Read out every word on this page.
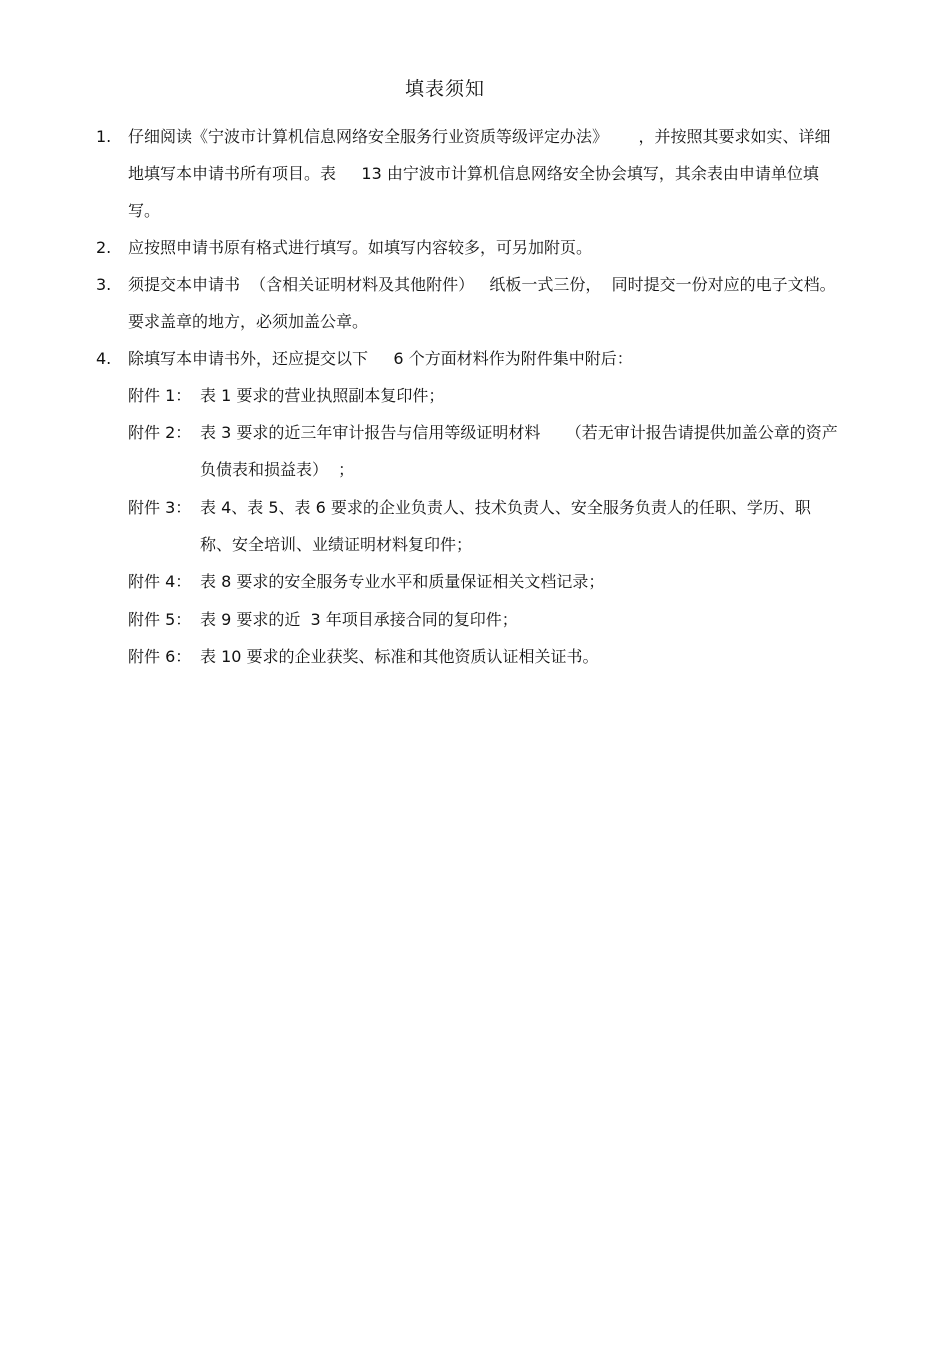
填表须知
1.	仔细阅读《宁波市计算机信息网络安全服务行业资质等级评定办法》      ，并按照其要求如实、详细地填写本申请书所有项目。表     13 由宁波市计算机信息网络安全协会填写，其余表由申请单位填写。
2.	应按照申请书原有格式进行填写。如填写内容较多，可另加附页。
3.	须提交本申请书  （含相关证明材料及其他附件）   纸板一式三份，  同时提交一份对应的电子文档。要求盖章的地方，必须加盖公章。
4.	除填写本申请书外，还应提交以下     6 个方面材料作为附件集中附后：
附件 1： 表 1 要求的营业执照副本复印件；
附件 2： 表 3 要求的近三年审计报告与信用等级证明材料     （若无审计报告请提供加盖公章的资产负债表和损益表）  ；
附件 3： 表 4、表 5、表 6 要求的企业负责人、技术负责人、安全服务负责人的任职、学历、职称、安全培训、业绩证明材料复印件；
附件 4： 表 8 要求的安全服务专业水平和质量保证相关文档记录；
附件 5： 表 9 要求的近  3 年项目承接合同的复印件；
附件 6： 表 10 要求的企业获奖、标准和其他资质认证相关证书。
